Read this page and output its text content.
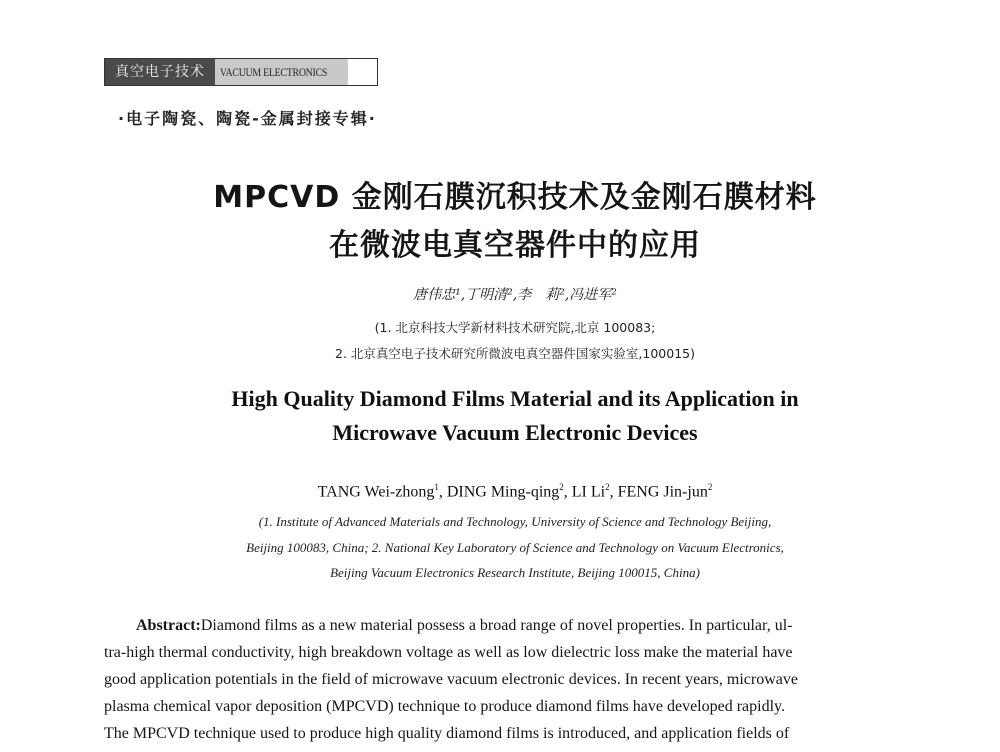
真空电子技术	VACUUM ELECTRONICS
·电子陶瓷、陶瓷-金属封接专辑·
MPCVD 金刚石膜沉积技术及金刚石膜材料
在微波电真空器件中的应用
唐伟忠¹,丁明清²,李　莉²,冯进军²
(1. 北京科技大学新材料技术研究院,北京 100083;
2. 北京真空电子技术研究所微波电真空器件国家实验室,100015)
High Quality Diamond Films Material and its Application in
Microwave Vacuum Electronic Devices
TANG Wei-zhong$^1$, DING Ming-qing$^2$, LI Li$^2$, FENG Jin-jun$^2$
(1. Institute of Advanced Materials and Technology, University of Science and Technology Beijing,
Beijing 100083, China; 2. National Key Laboratory of Science and Technology on Vacuum Electronics,
Beijing Vacuum Electronics Research Institute, Beijing 100015, China)
Abstract:Diamond films as a new material possess a broad range of novel properties. In particular, ul-
tra-high thermal conductivity, high breakdown voltage as well as low dielectric loss make the material have
good application potentials in the field of microwave vacuum electronic devices. In recent years, microwave
plasma chemical vapor deposition (MPCVD) technique to produce diamond films have developed rapidly.
The MPCVD technique used to produce high quality diamond films is introduced, and application fields of
